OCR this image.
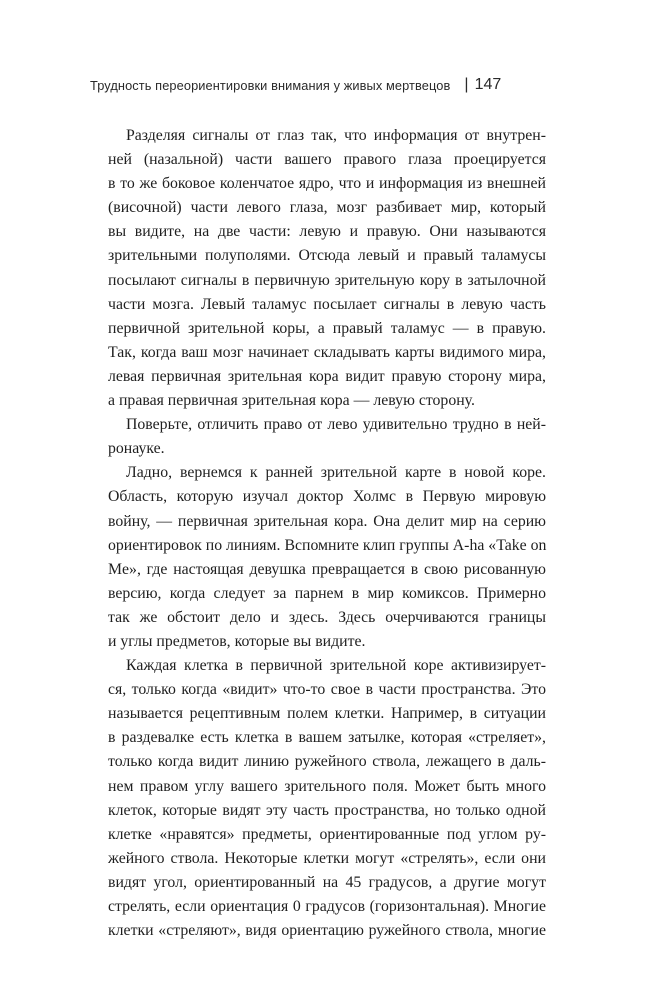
Трудность переориентировки внимания у живых мертвецов | 147
Разделяя сигналы от глаз так, что информация от внутрен-
ней (назальной) части вашего правого глаза проецируется
в то же боковое коленчатое ядро, что и информация из внешней
(височной) части левого глаза, мозг разбивает мир, который
вы видите, на две части: левую и правую. Они называются
зрительными полуполями. Отсюда левый и правый таламусы
посылают сигналы в первичную зрительную кору в затылочной
части мозга. Левый таламус посылает сигналы в левую часть
первичной зрительной коры, а правый таламус — в правую.
Так, когда ваш мозг начинает складывать карты видимого мира,
левая первичная зрительная кора видит правую сторону мира,
а правая первичная зрительная кора — левую сторону.
Поверьте, отличить право от лево удивительно трудно в ней-
ронауке.
Ладно, вернемся к ранней зрительной карте в новой коре.
Область, которую изучал доктор Холмс в Первую мировую
войну, — первичная зрительная кора. Она делит мир на серию
ориентировок по линиям. Вспомните клип группы A-ha «Take on
Me», где настоящая девушка превращается в свою рисованную
версию, когда следует за парнем в мир комиксов. Примерно
так же обстоит дело и здесь. Здесь очерчиваются границы
и углы предметов, которые вы видите.
Каждая клетка в первичной зрительной коре активизирует-
ся, только когда «видит» что-то свое в части пространства. Это
называется рецептивным полем клетки. Например, в ситуации
в раздевалке есть клетка в вашем затылке, которая «стреляет»,
только когда видит линию ружейного ствола, лежащего в даль-
нем правом углу вашего зрительного поля. Может быть много
клеток, которые видят эту часть пространства, но только одной
клетке «нравятся» предметы, ориентированные под углом ру-
жейного ствола. Некоторые клетки могут «стрелять», если они
видят угол, ориентированный на 45 градусов, а другие могут
стрелять, если ориентация 0 градусов (горизонтальная). Многие
клетки «стреляют», видя ориентацию ружейного ствола, многие
